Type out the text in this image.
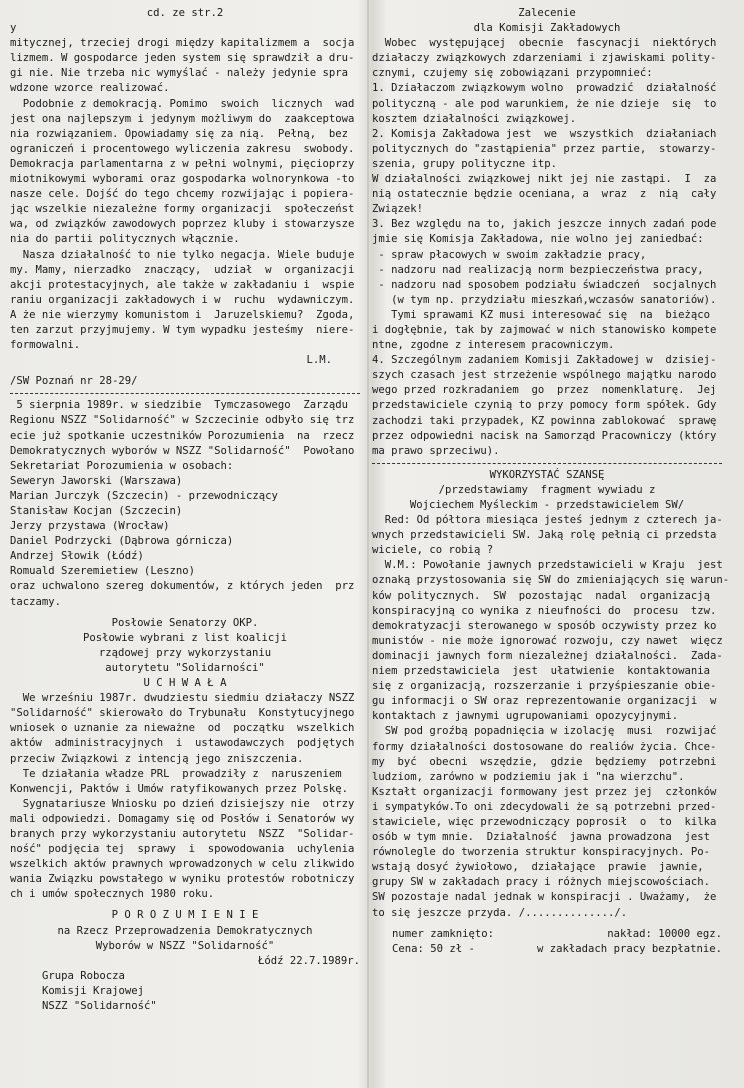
cd. ze str.2

y

mitycznej, trzeciej drogi między kapitalizmem a  socja

lizmem. W gospodarce jeden system się sprawdził a dru-

gi nie. Nie trzeba nic wymyślać - należy jedynie spra

wdzone wzorce realizować.

Podobnie z demokracją. Pomimo  swoich  licznych  wad

jest ona najlepszym i jedynym możliwym do  zaakceptowa

nia rozwiązaniem. Opowiadamy się za nią.  Pełną,  bez

ograniczeń i procentowego wyliczenia zakresu  swobody.

Demokracja parlamentarna z w pełni wolnymi, pięcioprzy

miotnikowymi wyborami oraz gospodarka wolnorynkowa -to

nasze cele. Dojść do tego chcemy rozwijając i popiera-

jąc wszelkie niezależne formy organizacji  społeczeńst

wa, od związków zawodowych poprzez kluby i stowarzysze

nia do partii politycznych włącznie.

Nasza działalność to nie tylko negacja. Wiele buduje

my. Mamy, nierzadko  znaczący,  udział  w  organizacji

akcji protestacyjnych, ale także w zakładaniu i  wspie

raniu organizacji zakładowych i w  ruchu  wydawniczym.

A że nie wierzymy komunistom i  Jaruzelskiemu?  Zgoda,

ten zarzut przyjmujemy. W tym wypadku jesteśmy  niere-

formowalni.

L.M.

/SW Poznań nr 28-29/

5 sierpnia 1989r. w siedzibie  Tymczasowego  Zarządu

Regionu NSZZ "Solidarność" w Szczecinie odbyło się trz

ecie już spotkanie uczestników Porozumienia  na  rzecz

Demokratycznych wyborów w NSZZ "Solidarność"  Powołano

Sekretariat Porozumienia w osobach:

Seweryn Jaworski (Warszawa)

Marian Jurczyk (Szczecin) - przewodniczący

Stanisław Kocjan (Szczecin)

Jerzy przystawa (Wrocław)

Daniel Podrzycki (Dąbrowa górnicza)

Andrzej Słowik (Łódź)

Romuald Szeremietiew (Leszno)

oraz uchwalono szereg dokumentów, z których jeden  prz

taczamy.

Posłowie Senatorzy OKP.

Posłowie wybrani z list koalicji

rządowej przy wykorzystaniu

autorytetu "Solidarności"

U C H W A Ł A

We wrześniu 1987r. dwudziestu siedmiu działaczy NSZZ

"Solidarność" skierowało do Trybunału  Konstytucyjnego

wniosek o uznanie za nieważne  od  początku  wszelkich

aktów  administracyjnych  i  ustawodawczych  podjętych

przeciw Związkowi z intencją jego zniszczenia.

Te działania władze PRL  prowadziły z  naruszeniem

Konwencji, Paktów i Umów ratyfikowanych przez Polskę.

Sygnatariusze Wniosku po dzień dzisiejszy nie  otrzy

mali odpowiedzi. Domagamy się od Posłów i Senatorów wy

branych przy wykorzystaniu autorytetu  NSZZ  "Solidar-

ność" podjęcia tej  sprawy  i  spowodowania  uchylenia

wszelkich aktów prawnych wprowadzonych w celu zlikwido

wania Związku powstałego w wyniku protestów robotniczy

ch i umów społecznych 1980 roku.

P O R O Z U M I E N I E

na Rzecz Przeprowadzenia Demokratycznych

Wyborów w NSZZ "Solidarność"

Łódź 22.7.1989r.

Grupa Robocza

Komisji Krajowej

NSZZ "Solidarność"

Zalecenie

dla Komisji Zakładowych

Wobec  występującej  obecnie  fascynacji  niektórych

działaczy związkowych zdarzeniami i zjawiskami polity-

cznymi, czujemy się zobowiązani przypomnieć:

1. Działaczom związkowym wolno  prowadzić  działalność

polityczną - ale pod warunkiem, że nie dzieje  się  to

kosztem działalności związkowej.

2. Komisja Zakładowa jest  we  wszystkich  działaniach

politycznych do "zastąpienia" przez partie,  stowarzy-

szenia, grupy polityczne itp.

W działalności związkowej nikt jej nie zastąpi.  I  za

nią ostatecznie będzie oceniana, a  wraz  z  nią  cały

Związek!

3. Bez względu na to, jakich jeszcze innych zadań pode

jmie się Komisja Zakładowa, nie wolno jej zaniedbać:

- spraw płacowych w swoim zakładzie pracy,

- nadzoru nad realizacją norm bezpieczeństwa pracy,

- nadzoru nad sposobem podziału świadczeń  socjalnych

(w tym np. przydziału mieszkań,wczasów sanatoriów).

Tymi sprawami KZ musi interesować się  na  bieżąco

i dogłębnie, tak by zajmować w nich stanowisko kompete

ntne, zgodne z interesem pracowniczym.

4. Szczególnym zadaniem Komisji Zakładowej w  dzisiej-

szych czasach jest strzeżenie wspólnego majątku narodo

wego przed rozkradaniem  go  przez  nomenklaturę.  Jej

przedstawiciele czynią to przy pomocy form spółek. Gdy

zachodzi taki przypadek, KZ powinna zablokować  sprawę

przez odpowiedni nacisk na Samorząd Pracowniczy (który

ma prawo sprzeciwu).

WYKORZYSTAĆ SZANSĘ

/przedstawiamy  fragment wywiadu z

Wojciechem Myśleckim - przedstawicielem SW/

Red: Od półtora miesiąca jesteś jednym z czterech ja-

wnych przedstawicieli SW. Jaką rolę pełnią ci przedsta

wiciele, co robią ?

W.M.: Powołanie jawnych przedstawicieli w Kraju  jest

oznaką przystosowania się SW do zmieniających się warun-

ków politycznych.  SW  pozostając  nadal  organizacją

konspiracyjną co wynika z nieufności do  procesu  tzw.

demokratyzacji sterowanego w sposób oczywisty przez ko

munistów - nie może ignorować rozwoju, czy nawet  więcz

dominacji jawnych form niezależnej działalności.  Zada-

niem przedstawiciela  jest  ułatwienie  kontaktowania

się z organizacją, rozszerzanie i przyśpieszanie obie-

gu informacji o SW oraz reprezentowanie organizacji  w

kontaktach z jawnymi ugrupowaniami opozycyjnymi.

SW pod groźbą popadnięcia w izolację  musi  rozwijać

formy działalności dostosowane do realiów życia. Chce-

my  być  obecni  wszędzie,  gdzie  będziemy  potrzebni

ludziom, zarówno w podziemiu jak i "na wierzchu".

Kształt organizacji formowany jest przez jej  członków

i sympatyków.To oni zdecydowali że są potrzebni przed-

stawiciele, więc przewodniczący poprosił  o  to  kilka

osób w tym mnie.  Działalność  jawna prowadzona  jest

równolegle do tworzenia struktur konspiracyjnych. Po-

wstają dosyć żywiołowo,  działające  prawie  jawnie,

grupy SW w zakładach pracy i różnych miejscowościach.

SW pozostaje nadal jednak w konspiracji . Uważamy,  że

to się jeszcze przyda. /............../.

numer zamknięto:	nakład: 10000 egz.
Cena: 50 zł -	w zakładach pracy bezpłatnie.
